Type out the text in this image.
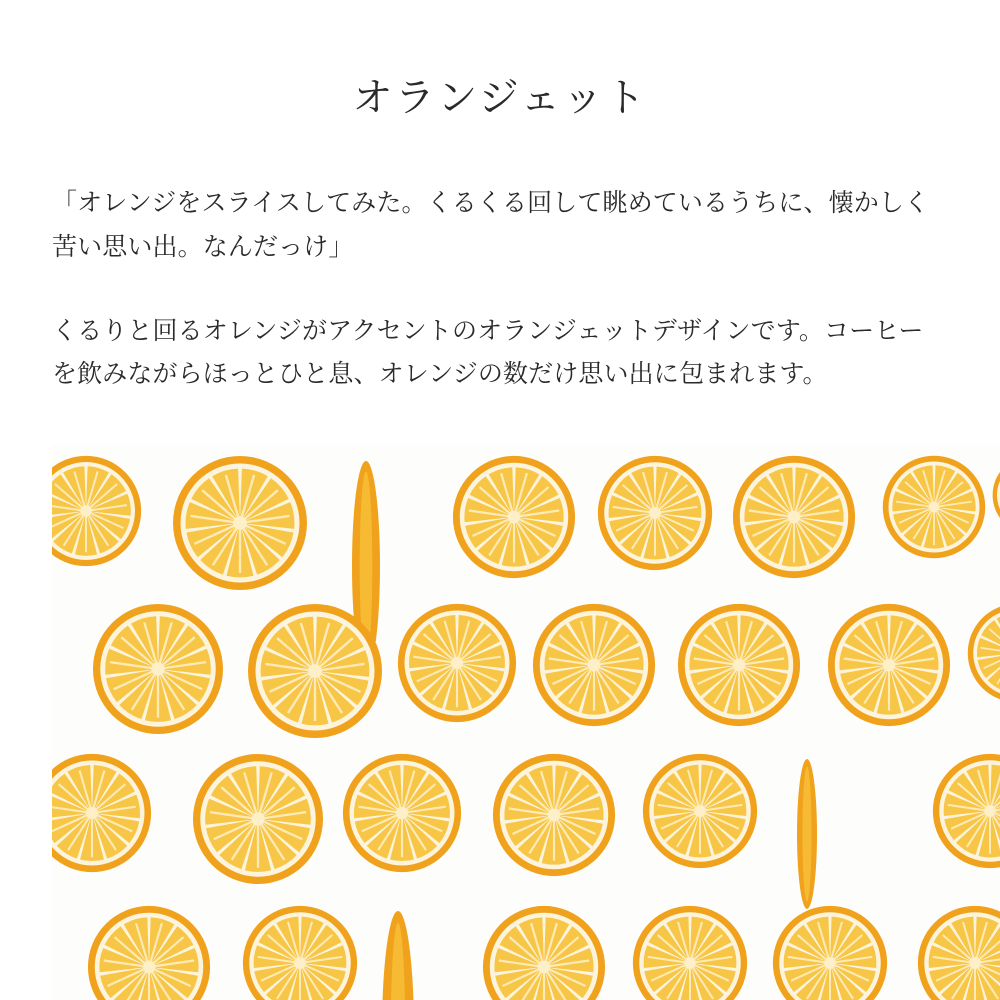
オランジェット

「オレンジをスライスしてみた。くるくる回して眺めているうちに、懐かしく苦い思い出。なんだっけ」

くるりと回るオレンジがアクセントのオランジェットデザインです。コーヒーを飲みながらほっとひと息、オレンジの数だけ思い出に包まれます。
